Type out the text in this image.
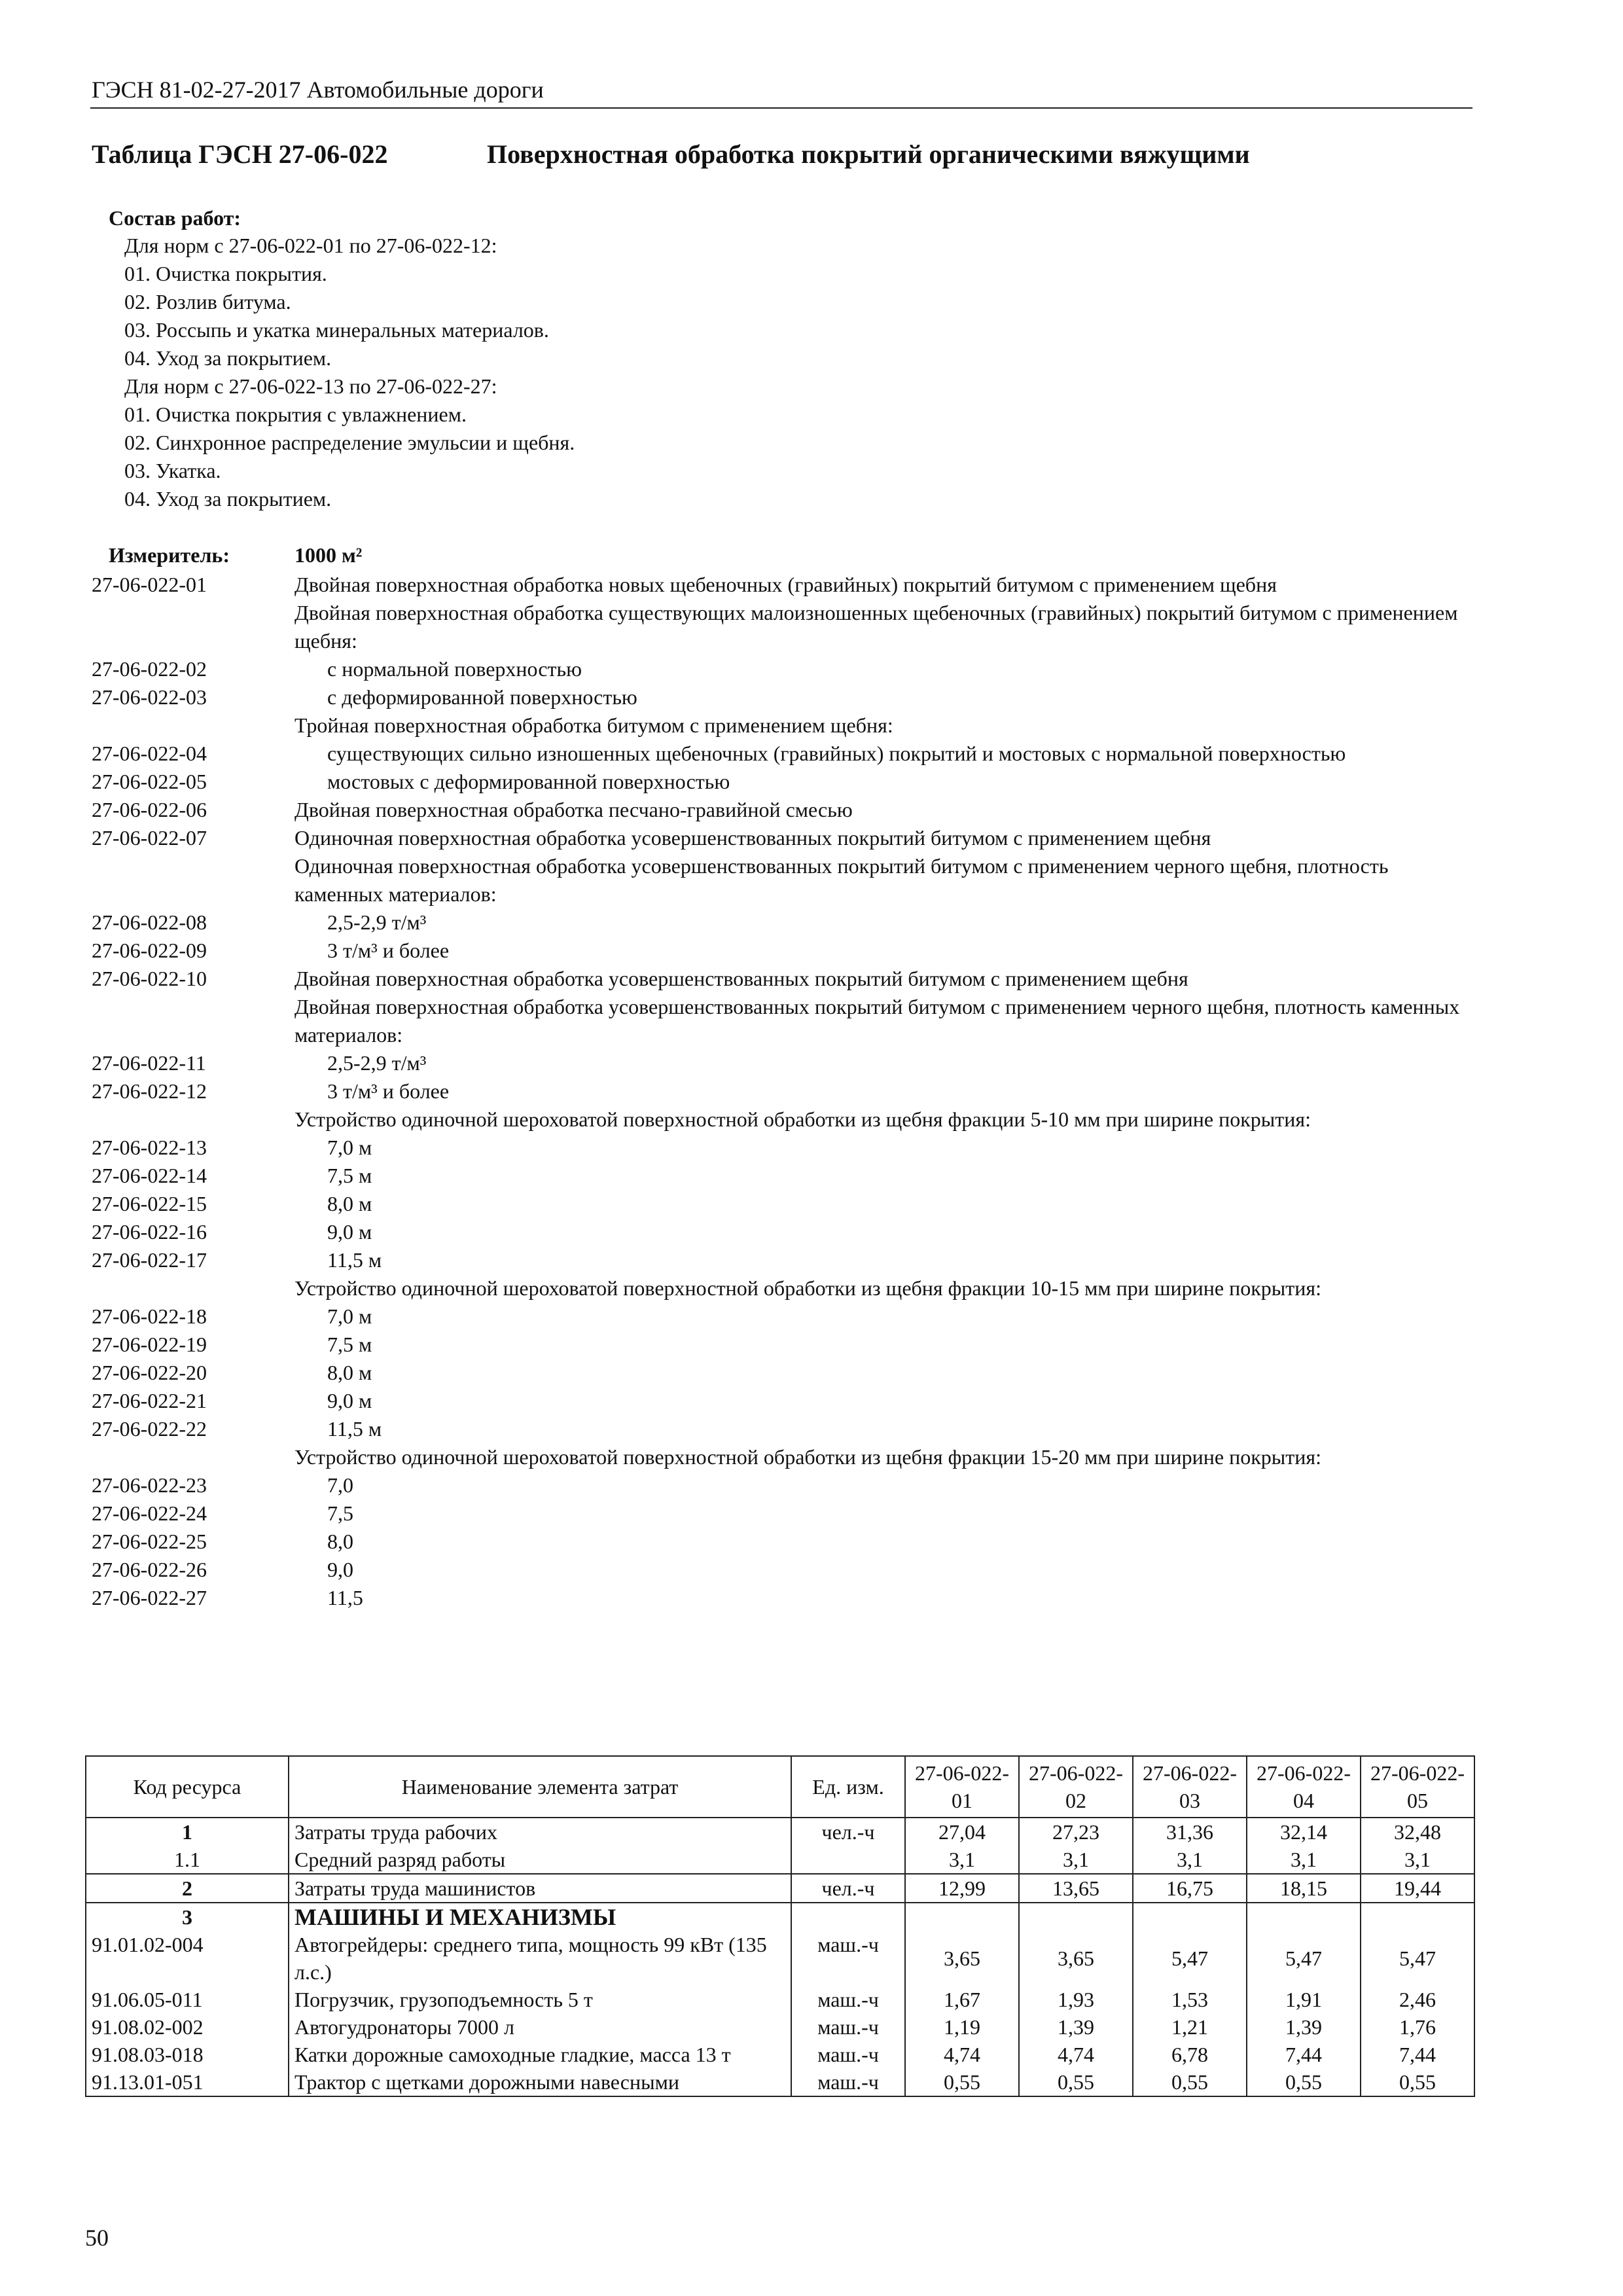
ГЭСН 81-02-27-2017 Автомобильные дороги
Таблица ГЭСН 27-06-022	Поверхностная обработка покрытий органическими вяжущими
Состав работ:
Для норм с 27-06-022-01 по 27-06-022-12:
01. Очистка покрытия.
02. Розлив битума.
03. Россыпь и укатка минеральных материалов.
04. Уход за покрытием.
Для норм с 27-06-022-13 по 27-06-022-27:
01. Очистка покрытия с увлажнением.
02. Синхронное распределение эмульсии и щебня.
03. Укатка.
04. Уход за покрытием.
Измеритель:	1000 м²
27-06-022-01	Двойная поверхностная обработка новых щебеночных (гравийных) покрытий битумом с применением щебня
Двойная поверхностная обработка существующих малоизношенных щебеночных (гравийных) покрытий битумом с применением щебня:
27-06-022-02	с нормальной поверхностью
27-06-022-03	с деформированной поверхностью
Тройная поверхностная обработка битумом с применением щебня:
27-06-022-04	существующих сильно изношенных щебеночных (гравийных) покрытий и мостовых с нормальной поверхностью
27-06-022-05	мостовых с деформированной поверхностью
27-06-022-06	Двойная поверхностная обработка песчано-гравийной смесью
27-06-022-07	Одиночная поверхностная обработка усовершенствованных покрытий битумом с применением щебня
Одиночная поверхностная обработка усовершенствованных покрытий битумом с применением черного щебня, плотность каменных материалов:
27-06-022-08	2,5-2,9 т/м³
27-06-022-09	3 т/м³ и более
27-06-022-10	Двойная поверхностная обработка усовершенствованных покрытий битумом с применением щебня
Двойная поверхностная обработка усовершенствованных покрытий битумом с применением черного щебня, плотность каменных материалов:
27-06-022-11	2,5-2,9 т/м³
27-06-022-12	3 т/м³ и более
Устройство одиночной шероховатой поверхностной обработки из щебня фракции 5-10 мм при ширине покрытия:
27-06-022-13	7,0 м
27-06-022-14	7,5 м
27-06-022-15	8,0 м
27-06-022-16	9,0 м
27-06-022-17	11,5 м
Устройство одиночной шероховатой поверхностной обработки из щебня фракции 10-15 мм при ширине покрытия:
27-06-022-18	7,0 м
27-06-022-19	7,5 м
27-06-022-20	8,0 м
27-06-022-21	9,0 м
27-06-022-22	11,5 м
Устройство одиночной шероховатой поверхностной обработки из щебня фракции 15-20 мм при ширине покрытия:
27-06-022-23	7,0
27-06-022-24	7,5
27-06-022-25	8,0
27-06-022-26	9,0
27-06-022-27	11,5
Код ресурса	Наименование элемента затрат	Ед. изм.	27-06-022-01	27-06-022-02	27-06-022-03	27-06-022-04	27-06-022-05
1	Затраты труда рабочих	чел.-ч	27,04	27,23	31,36	32,14	32,48
1.1	Средний разряд работы		3,1	3,1	3,1	3,1	3,1
2	Затраты труда машинистов	чел.-ч	12,99	13,65	16,75	18,15	19,44
3	МАШИНЫ И МЕХАНИЗМЫ						
91.01.02-004	Автогрейдеры: среднего типа, мощность 99 кВт (135 л.с.)	маш.-ч	3,65	3,65	5,47	5,47	5,47
91.06.05-011	Погрузчик, грузоподъемность 5 т	маш.-ч	1,67	1,93	1,53	1,91	2,46
91.08.02-002	Автогудронаторы 7000 л	маш.-ч	1,19	1,39	1,21	1,39	1,76
91.08.03-018	Катки дорожные самоходные гладкие, масса 13 т	маш.-ч	4,74	4,74	6,78	7,44	7,44
91.13.01-051	Трактор с щетками дорожными навесными	маш.-ч	0,55	0,55	0,55	0,55	0,55
50
